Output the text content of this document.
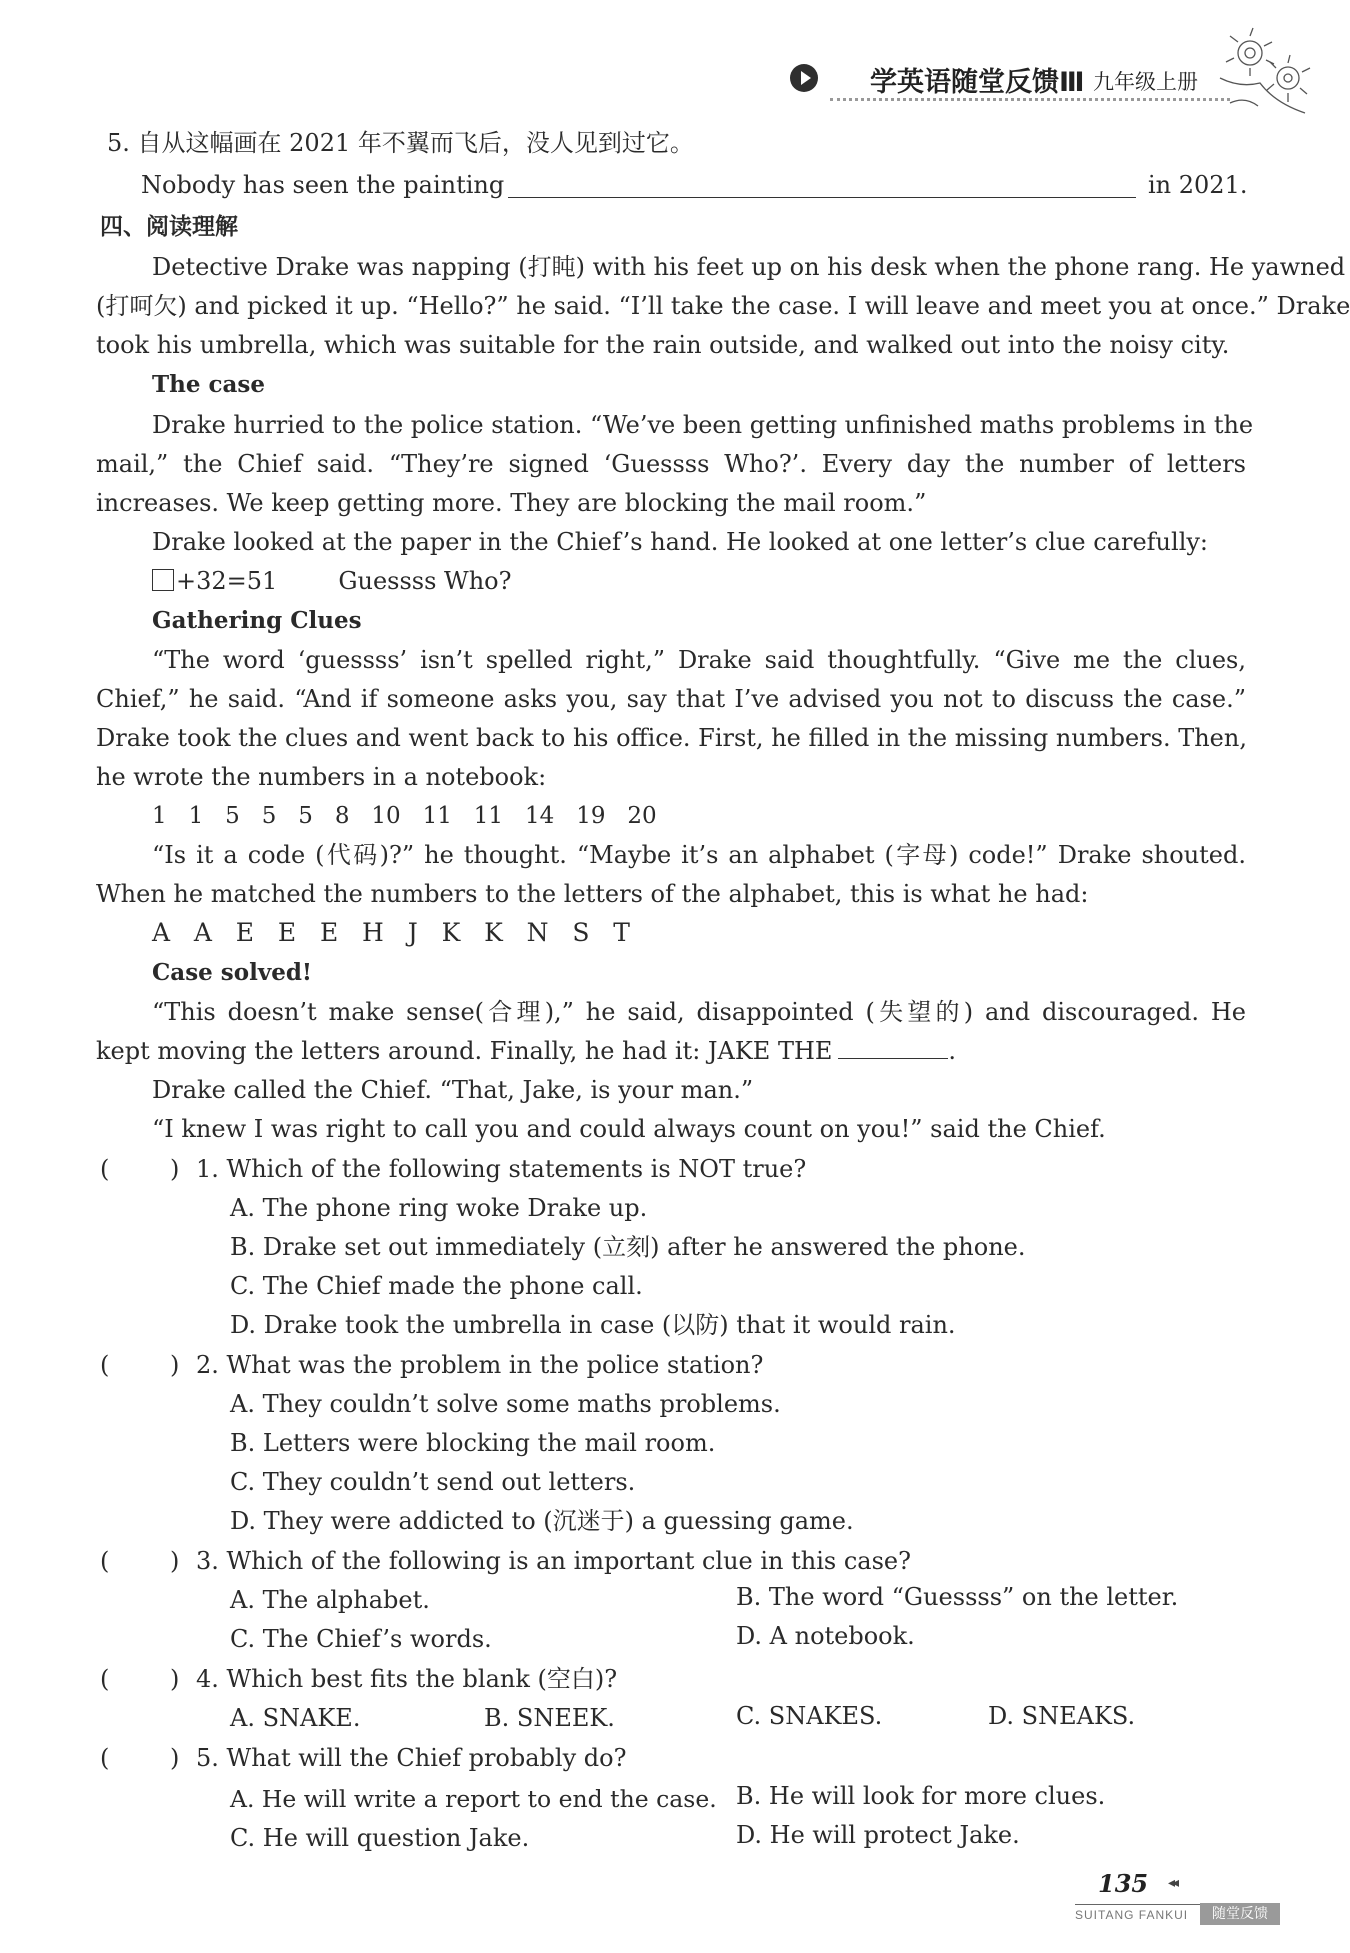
学英语随堂反馈Ⅲ 九年级上册
5. 自从这幅画在 2021 年不翼而飞后，没人见到过它。
Nobody has seen the painting	in 2021.
四、阅读理解
Detective Drake was napping (打盹) with his feet up on his desk when the phone rang. He yawned
(打呵欠) and picked it up. “Hello?” he said. “I’ll take the case. I will leave and meet you at once.” Drake
took his umbrella, which was suitable for the rain outside, and walked out into the noisy city.
The case
Drake hurried to the police station. “We’ve been getting unfinished maths problems in the
mail,” the Chief said. “They’re signed ‘Guessss Who?’. Every day the number of letters
increases. We keep getting more. They are blocking the mail room.”
Drake looked at the paper in the Chief’s hand. He looked at one letter’s clue carefully:
+32=51        Guessss Who?
Gathering Clues
“The word ‘guessss’ isn’t spelled right,” Drake said thoughtfully. “Give me the clues,
Chief,” he said. “And if someone asks you, say that I’ve advised you not to discuss the case.”
Drake took the clues and went back to his office. First, he filled in the missing numbers. Then,
he wrote the numbers in a notebook:
1   1   5   5   5   8   10   11   11   14   19   20
“Is it a code (代码)?” he thought. “Maybe it’s an alphabet (字母) code!” Drake shouted.
When he matched the numbers to the letters of the alphabet, this is what he had:
A   A   E   E   E   H   J   K   K   N   S   T
Case solved!
“This doesn’t make sense(合理),” he said, disappointed (失望的) and discouraged. He
kept moving the letters around. Finally, he had it: JAKE THE	.
Drake called the Chief. “That, Jake, is your man.”
“I knew I was right to call you and could always count on you!” said the Chief.
(	) 1. Which of the following statements is NOT true?
A. The phone ring woke Drake up.
B. Drake set out immediately (立刻) after he answered the phone.
C. The Chief made the phone call.
D. Drake took the umbrella in case (以防) that it would rain.
(	) 2. What was the problem in the police station?
A. They couldn’t solve some maths problems.
B. Letters were blocking the mail room.
C. They couldn’t send out letters.
D. They were addicted to (沉迷于) a guessing game.
(	) 3. Which of the following is an important clue in this case?
A. The alphabet.	B. The word “Guessss” on the letter.
C. The Chief’s words.	D. A notebook.
(	) 4. Which best fits the blank (空白)?
A. SNAKE.	B. SNEEK.	C. SNAKES.	D. SNEAKS.
(	) 5. What will the Chief probably do?
A. He will write a report to end the case. B. He will look for more clues.
C. He will question Jake.	D. He will protect Jake.
135 ◂◂
SUITANG FANKUI	随堂反馈
